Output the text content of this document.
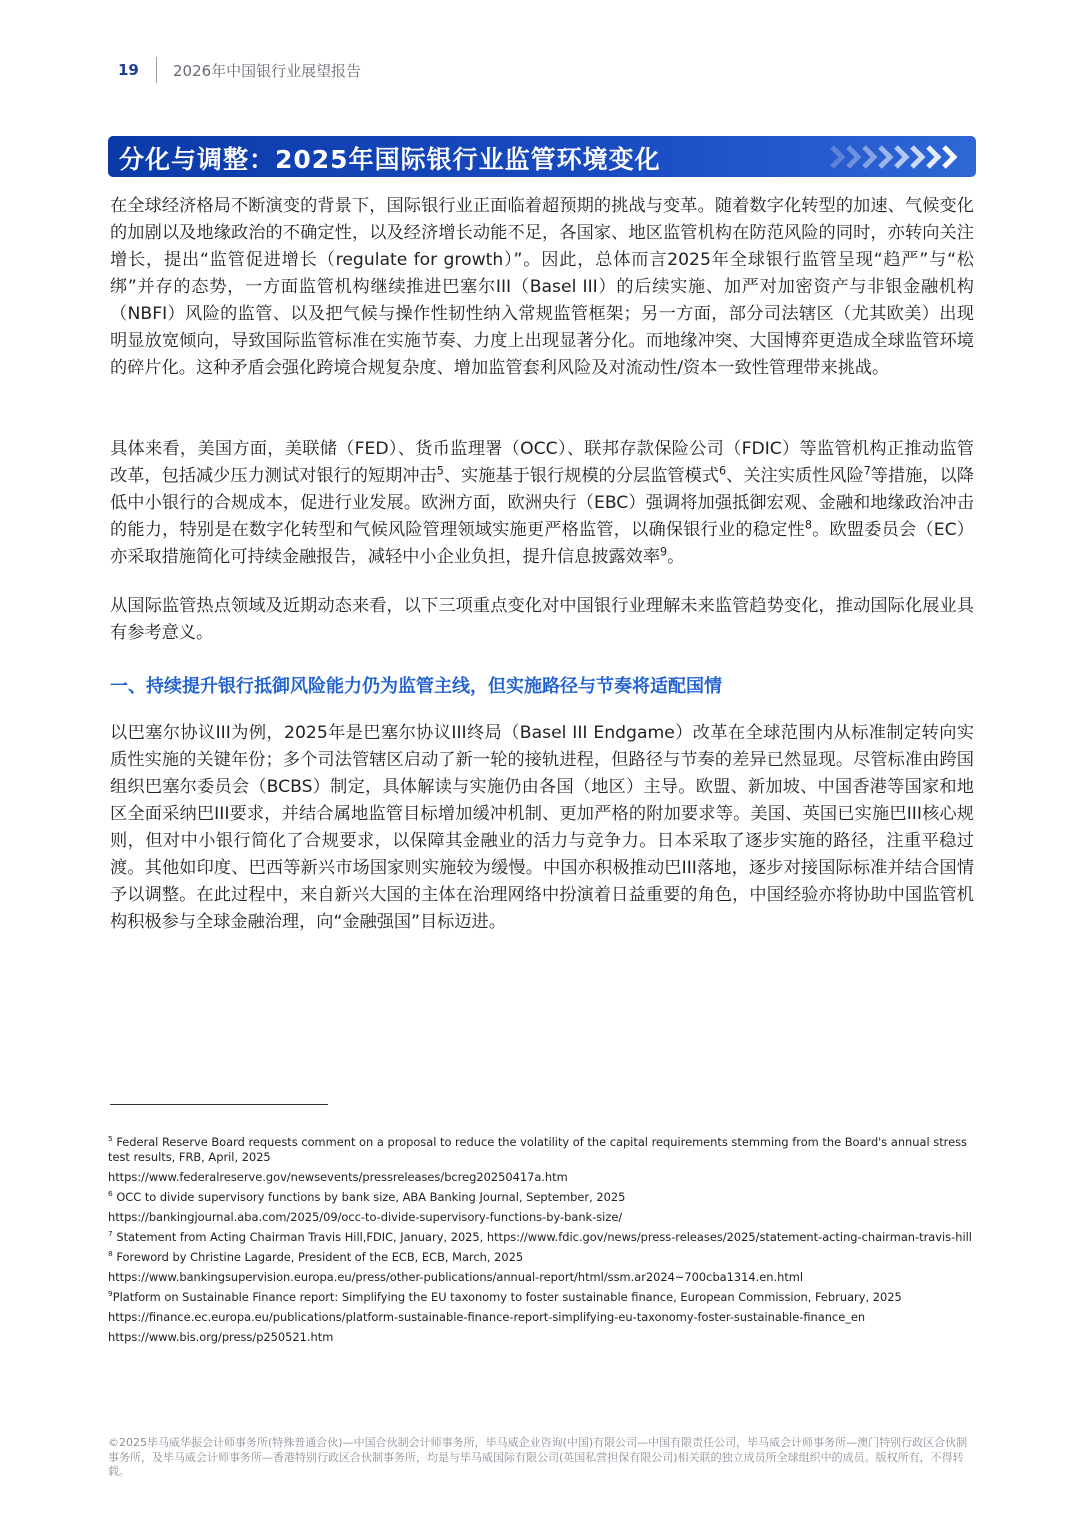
19	2026年中国银行业展望报告
分化与调整：2025年国际银行业监管环境变化

在全球经济格局不断演变的背景下，国际银行业正面临着超预期的挑战与变革。随着数字化转型的加速、气候变化的加剧以及地缘政治的不确定性，以及经济增长动能不足，各国家、地区监管机构在防范风险的同时，亦转向关注增长，提出“监管促进增长（regulate for growth）”。因此，总体而言2025年全球银行监管呈现“趋严”与“松绑”并存的态势，一方面监管机构继续推进巴塞尔III（Basel III）的后续实施、加严对加密资产与非银金融机构（NBFI）风险的监管、以及把气候与操作性韧性纳入常规监管框架；另一方面，部分司法辖区（尤其欧美）出现明显放宽倾向，导致国际监管标准在实施节奏、力度上出现显著分化。而地缘冲突、大国博弈更造成全球监管环境的碎片化。这种矛盾会强化跨境合规复杂度、增加监管套利风险及对流动性/资本一致性管理带来挑战。

具体来看，美国方面，美联储（FED）、货币监理署（OCC）、联邦存款保险公司（FDIC）等监管机构正推动监管改革，包括减少压力测试对银行的短期冲击$^5$、实施基于银行规模的分层监管模式$^6$、关注实质性风险$^7$等措施，以降低中小银行的合规成本，促进行业发展。欧洲方面，欧洲央行（EBC）强调将加强抵御宏观、金融和地缘政治冲击的能力，特别是在数字化转型和气候风险管理领域实施更严格监管，以确保银行业的稳定性$^8$。欧盟委员会（EC）亦采取措施简化可持续金融报告，减轻中小企业负担，提升信息披露效率$^9$。

从国际监管热点领域及近期动态来看，以下三项重点变化对中国银行业理解未来监管趋势变化，推动国际化展业具有参考意义。

一、持续提升银行抵御风险能力仍为监管主线，但实施路径与节奏将适配国情

以巴塞尔协议III为例，2025年是巴塞尔协议III终局（Basel III Endgame）改革在全球范围内从标准制定转向实质性实施的关键年份；多个司法管辖区启动了新一轮的接轨进程，但路径与节奏的差异已然显现。尽管标准由跨国组织巴塞尔委员会（BCBS）制定，具体解读与实施仍由各国（地区）主导。欧盟、新加坡、中国香港等国家和地区全面采纳巴III要求，并结合属地监管目标增加缓冲机制、更加严格的附加要求等。美国、英国已实施巴III核心规则，但对中小银行简化了合规要求，以保障其金融业的活力与竞争力。日本采取了逐步实施的路径，注重平稳过渡。其他如印度、巴西等新兴市场国家则实施较为缓慢。中国亦积极推动巴III落地，逐步对接国际标准并结合国情予以调整。在此过程中，来自新兴大国的主体在治理网络中扮演着日益重要的角色，中国经验亦将协助中国监管机构积极参与全球金融治理，向“金融强国”目标迈进。

$^5$ Federal Reserve Board requests comment on a proposal to reduce the volatility of the capital requirements stemming from the Board's annual stress test results, FRB, April, 2025

https://www.federalreserve.gov/newsevents/pressreleases/bcreg20250417a.htm

$^6$ OCC to divide supervisory functions by bank size, ABA Banking Journal, September, 2025

https://bankingjournal.aba.com/2025/09/occ-to-divide-supervisory-functions-by-bank-size/

$^7$ Statement from Acting Chairman Travis Hill,FDIC, January, 2025, https://www.fdic.gov/news/press-releases/2025/statement-acting-chairman-travis-hill

$^8$ Foreword by Christine Lagarde, President of the ECB, ECB, March, 2025

https://www.bankingsupervision.europa.eu/press/other-publications/annual-report/html/ssm.ar2024~700cba1314.en.html

$^9$Platform on Sustainable Finance report: Simplifying the EU taxonomy to foster sustainable finance, European Commission, February, 2025

https://finance.ec.europa.eu/publications/platform-sustainable-finance-report-simplifying-eu-taxonomy-foster-sustainable-finance_en

https://www.bis.org/press/p250521.htm

©2025毕马威华振会计师事务所(特殊普通合伙)—中国合伙制会计师事务所，毕马威企业咨询(中国)有限公司—中国有限责任公司，毕马威会计师事务所—澳门特别行政区合伙制事务所，及毕马威会计师事务所—香港特别行政区合伙制事务所，均是与毕马威国际有限公司(英国私营担保有限公司)相关联的独立成员所全球组织中的成员。版权所有，不得转载。
